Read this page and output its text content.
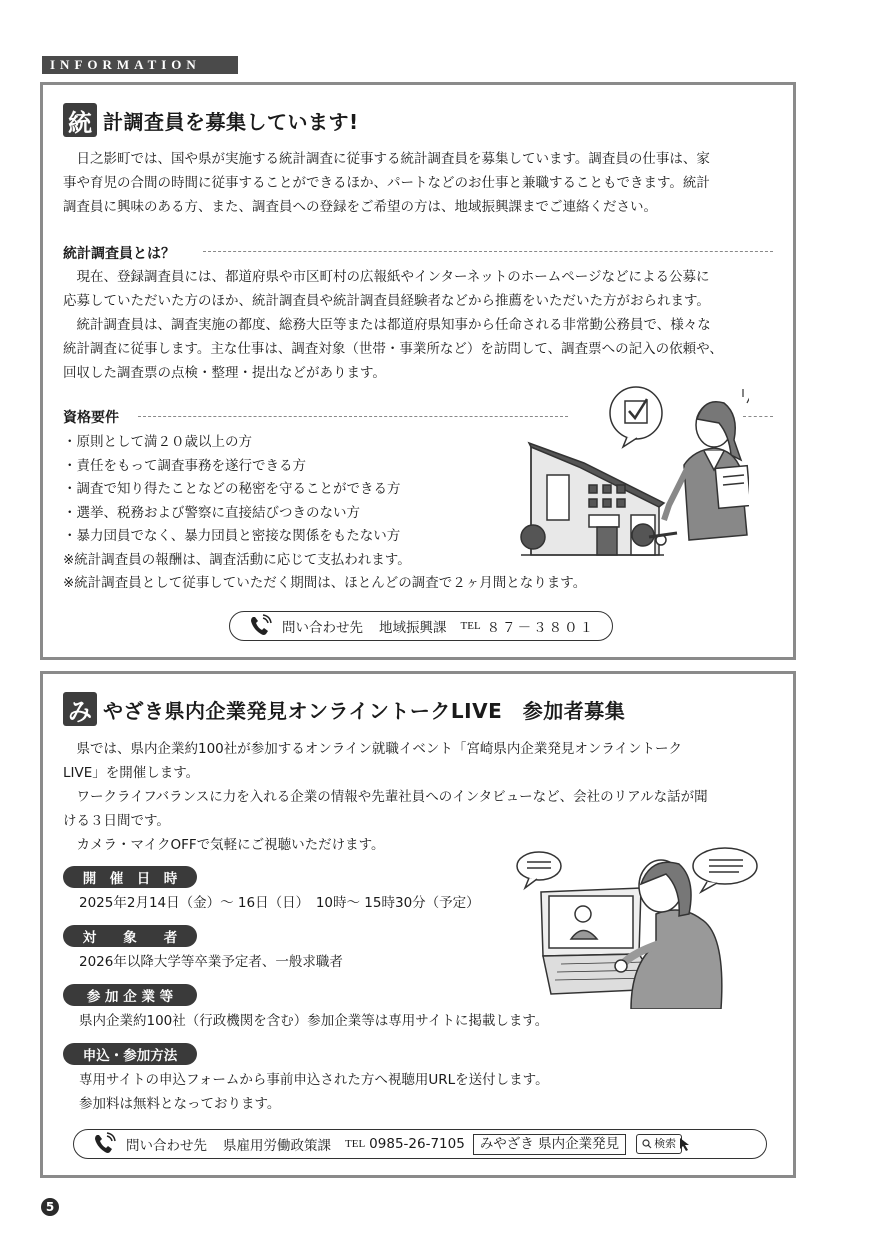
INFORMATION
統 計調査員を募集しています!

日之影町では、国や県が実施する統計調査に従事する統計調査員を募集しています。調査員の仕事は、家

事や育児の合間の時間に従事することができるほか、パートなどのお仕事と兼職することもできます。統計

調査員に興味のある方、また、調査員への登録をご希望の方は、地域振興課までご連絡ください。

統計調査員とは？

現在、登録調査員には、都道府県や市区町村の広報紙やインターネットのホームページなどによる公募に

応募していただいた方のほか、統計調査員や統計調査員経験者などから推薦をいただいた方がおられます。

統計調査員は、調査実施の都度、総務大臣等または都道府県知事から任命される非常勤公務員で、様々な

統計調査に従事します。主な仕事は、調査対象（世帯・事業所など）を訪問して、調査票への記入の依頼や、

回収した調査票の点検・整理・提出などがあります。

資格要件
・原則として満２０歳以上の方
・責任をもって調査事務を遂行できる方
・調査で知り得たことなどの秘密を守ることができる方
・選挙、税務および警察に直接結びつきのない方
・暴力団員でなく、暴力団員と密接な関係をもたない方
※統計調査員の報酬は、調査活動に応じて支払われます。
※統計調査員として従事していただく期間は、ほとんどの調査で２ヶ月間となります。
問い合わせ先 地域振興課 TEL ８７－３８０１
み やざき県内企業発見オンライントークLIVE　参加者募集

県では、県内企業約100社が参加するオンライン就職イベント「宮崎県内企業発見オンライントーク

LIVE」を開催します。

ワークライフバランスに力を入れる企業の情報や先輩社員へのインタビューなど、会社のリアルな話が聞

ける３日間です。

カメラ・マイクOFFで気軽にご視聴いただけます。

開　催　日　時
2025年2月14日（金）～ 16日（日）　10時～ 15時30分（予定）
対　　象　　者
2026年以降大学等卒業予定者、一般求職者
参 加 企 業 等
県内企業約100社（行政機関を含む）参加企業等は専用サイトに掲載します。
申込・参加方法
専用サイトの申込フォームから事前申込された方へ視聴用URLを送付します。
参加料は無料となっております。
問い合わせ先 県雇用労働政策課 TEL 0985-26-7105	みやざき 県内企業発見	検索
5
